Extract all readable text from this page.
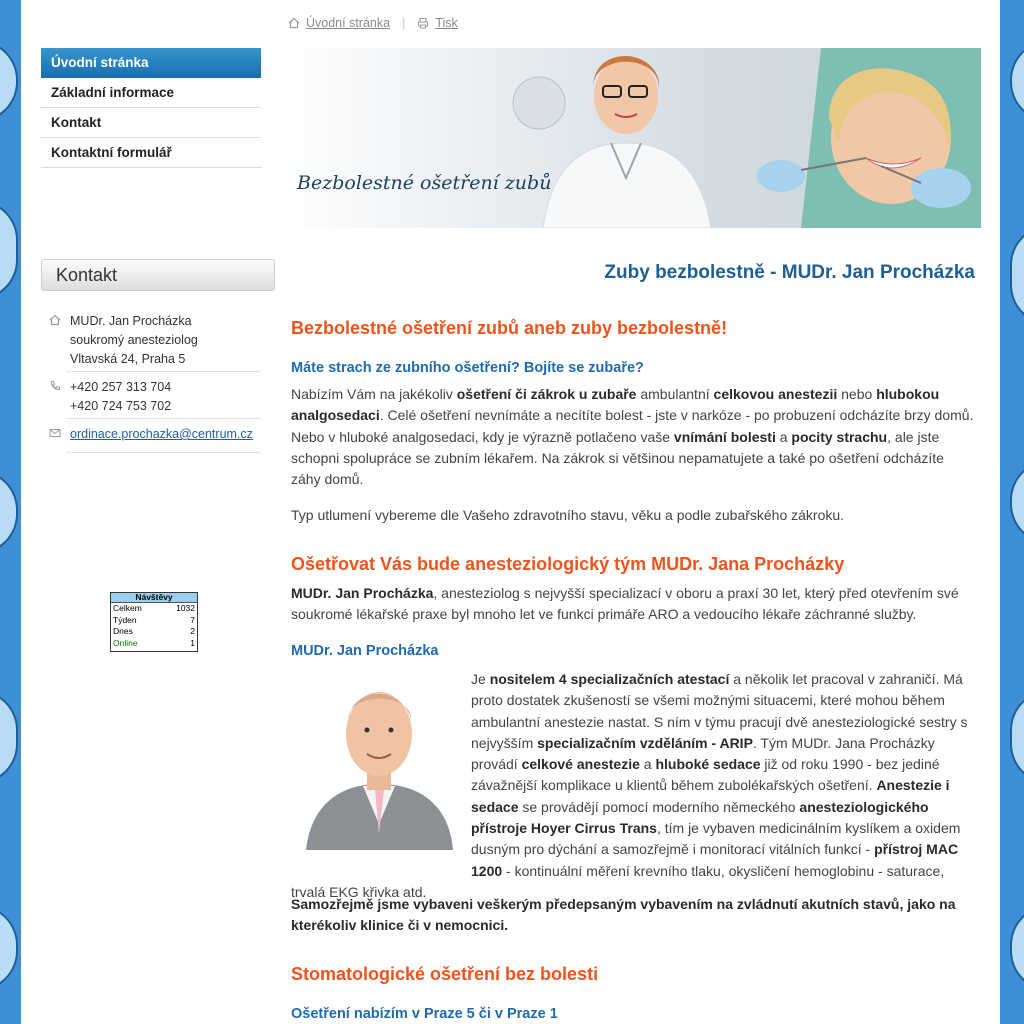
Úvodní stránka | Tisk
Úvodní stránka
Základní informace
Kontakt
Kontaktní formulář
Bezbolestné ošetření zubů
Kontakt
MUDr. Jan Procházka
soukromý anesteziolog
Vltavská 24, Praha 5
+420 257 313 704
+420 724 753 702
ordinace.prochazka@centrum.cz
Návštěvy
Celkem	1032
Týden	7
Dnes	2
Online	1
Zuby bezbolestně - MUDr. Jan Procházka
Bezbolestné ošetření zubů aneb zuby bezbolestně!
Máte strach ze zubního ošetření? Bojíte se zubaře?

Nabízím Vám na jakékoliv ošetření či zákrok u zubaře ambulantní celkovou anestezii nebo hlubokou analgosedaci. Celé ošetření nevnímáte a necítíte bolest - jste v narkóze - po probuzení odcházíte brzy domů. Nebo v hluboké analgosedaci, kdy je výrazně potlačeno vaše vnímání bolesti a pocity strachu, ale jste schopni spolupráce se zubním lékařem. Na zákrok si většinou nepamatujete a také po ošetření odcházíte záhy domů.

Typ utlumení vybereme dle Vašeho zdravotního stavu, věku a podle zubařského zákroku.

Ošetřovat Vás bude anesteziologický tým MUDr. Jana Procházky

MUDr. Jan Procházka, anesteziolog s nejvyšší specializací v oboru a praxí 30 let, který před otevřením své soukromé lékařské praxe byl mnoho let ve funkci primáře ARO a vedoucího lékaře záchranné služby.

MUDr. Jan Procházka

Je nositelem 4 specializačních atestací a několik let pracoval v zahraničí. Má proto dostatek zkušeností se všemi možnými situacemi, které mohou během ambulantní anestezie nastat. S ním v týmu pracují dvě anesteziologické sestry s nejvyšším specializačním vzděláním - ARIP. Tým MUDr. Jana Procházky provádí celkové anestezie a hluboké sedace již od roku 1990 - bez jediné závažnější komplikace u klientů během zubolékařských ošetření. Anestezie i sedace se provádějí pomocí moderního německého anesteziologického přístroje Hoyer Cirrus Trans, tím je vybaven medicinálním kyslíkem a oxidem dusným pro dýchání a samozřejmě i monitorací vitálních funkcí - přístroj MAC 1200 - kontinuální měření krevního tlaku, okysličení hemoglobinu - saturace, trvalá EKG křivka atd.

Samozřejmě jsme vybaveni veškerým předepsaným vybavením na zvládnutí akutních stavů, jako na kterékoliv klinice či v nemocnici.

Stomatologické ošetření bez bolesti
Ošetření nabízím v Praze 5 či v Praze 1
